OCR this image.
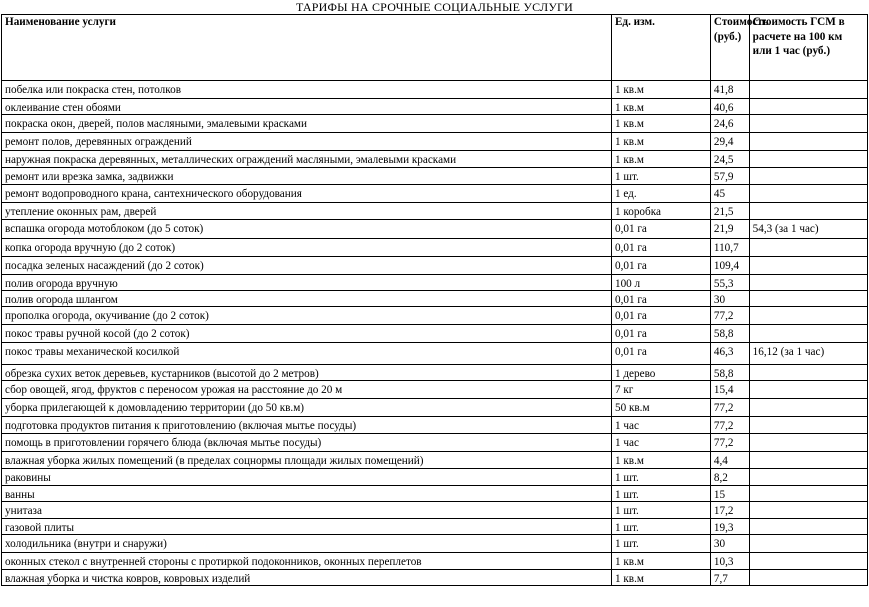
ТАРИФЫ НА СРОЧНЫЕ СОЦИАЛЬНЫЕ УСЛУГИ
Наименование услуги	Ед. изм.	Стоимость (руб.)	Стоимость ГСМ в расчете на 100 км или 1 час (руб.)
побелка или покраска стен, потолков	1 кв.м	41,8	
оклеивание стен обоями	1 кв.м	40,6	
покраска окон, дверей, полов масляными, эмалевыми красками	1 кв.м	24,6	
ремонт полов, деревянных ограждений	1 кв.м	29,4	
наружная покраска деревянных, металлических ограждений масляными, эмалевыми красками	1 кв.м	24,5	
ремонт или врезка замка, задвижки	1 шт.	57,9	
ремонт водопроводного крана, сантехнического оборудования	1 ед.	45	
утепление оконных рам, дверей	1 коробка	21,5	
вспашка огорода мотоблоком (до 5 соток)	0,01 га	21,9	54,3 (за 1 час)
копка огорода вручную (до 2 соток)	0,01 га	110,7	
посадка зеленых насаждений (до 2 соток)	0,01 га	109,4	
полив огорода вручную	100 л	55,3	
полив огорода шлангом	0,01 га	30	
прополка огорода, окучивание (до 2 соток)	0,01 га	77,2	
покос травы ручной косой (до 2 соток)	0,01 га	58,8	
покос травы механической косилкой	0,01 га	46,3	16,12 (за 1 час)
обрезка сухих веток деревьев, кустарников (высотой до 2 метров)	1 дерево	58,8	
сбор овощей, ягод, фруктов с переносом урожая на расстояние до 20 м	7 кг	15,4	
уборка прилегающей к домовладению территории (до 50 кв.м)	50 кв.м	77,2	
подготовка продуктов питания к приготовлению (включая мытье посуды)	1 час	77,2	
помощь в приготовлении горячего блюда (включая мытье посуды)	1 час	77,2	
влажная уборка жилых помещений (в пределах соцнормы площади жилых помещений)	1 кв.м	4,4	
раковины	1 шт.	8,2	
ванны	1 шт.	15	
унитаза	1 шт.	17,2	
газовой плиты	1 шт.	19,3	
холодильника (внутри и снаружи)	1 шт.	30	
оконных стекол с внутренней стороны с протиркой подоконников, оконных переплетов	1 кв.м	10,3	
влажная уборка и чистка ковров, ковровых изделий	1 кв.м	7,7	
